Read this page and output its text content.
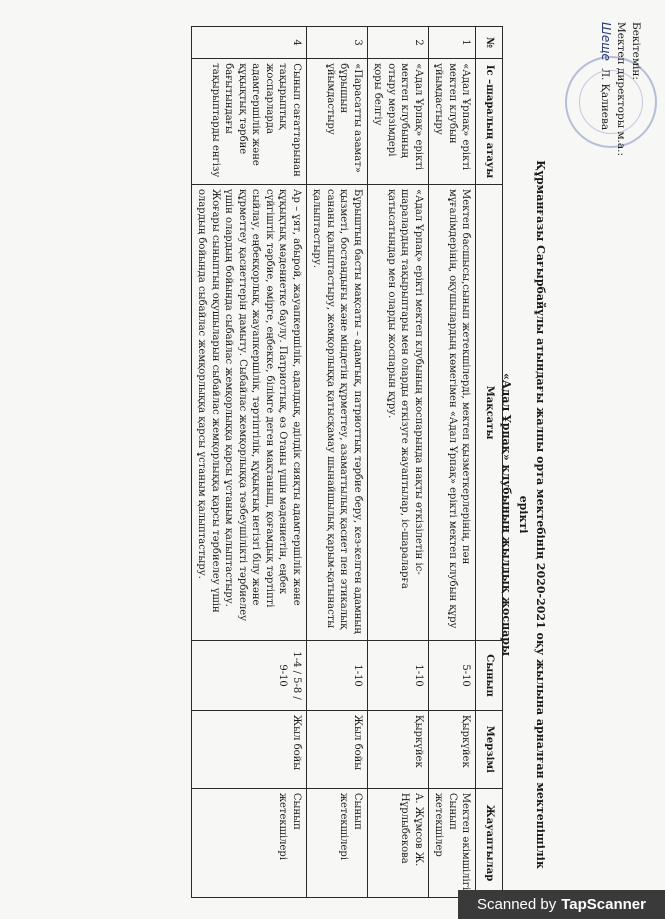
Бекітемін:
Мектеп директоры м.а.:
Шеще Л. Қалиева
Құрманғазы Сағырбайұлы атындағы жалпы орта мектебінің 2020-2021 оқу жылына арналған мектепішілік ерікті
«Адал Ұрпақ» клубының жылдық жоспары
№	Іс –шаралың атауы	Мақсаты	Сынып	Мерзімі	Жауаптылар
1	«Адал Ұрпақ» ерікті мектеп клубын ұйымдастыру	Мектеп басшысы,сынып жетекшілерді, мектеп қызметкерлерінің, пән мұғалімдерінің, оқушылардың көмегімен «Адал Ұрпақ» ерікті мектеп клубын құру	5-10	Қыркүйек	Мектеп әкімшілігі Сынып жетекшілер
2	«Адал Ұрпақ» ерікті мектеп клубының отыру мерзімдері қоры белгіу	«Адал Ұрпақ» ерікті мектеп клубының жоспарында нақты өткізілетін іс-шаралардың тақырыптары мен оларды өткізуге жауаптылар, іс-шараларға қатысатындар мен оларды жоспарын құру.	1-10	Қыркүйек	А. Жұмсов Ж. Нұрлыбекова
3	«Парасатты азамат» бұрышын ұйымдастыру	Бұрыштың басты мақсаты – адамгық, патриоттық тәрбие беру, кез-келген адамның қызметі, бостандығы және міндетін құрметтеу, азаматтылық қасиет пен этикалық сананы қалыптастыру, жемқорлыққа қатысқамау шынайшылық қарым-қатынасты қалыптастыру.	1-10	Жыл бойы	Сынып жетекшілері
4	Сынып сағаттарынан тақырыптық жоспарларда адамгершілік және құқықтық тәрбие бағытындағы тақырыптарды енгізу	Ар – ұят, абырой, жауапкершілік, адалдық, әділдік сияқты адамгершілік және құқықтық мәдениетке баулу. Патриоттық, өз Отаны үшін мәдениетін, еңбек сүйгіштік тәрбие, өмірге, еңбекке, білімге деген мақтаныш, қоғамдық тәртіпті сыйлау, еңбекқорлық, жауапкершілік, тәртіптілік, құқықтық негізгі білу және құрметтеу қасиеттерін дамыту. Сыбайлас жемқорлыққа төзбеушілікті тәрбиелеу үшін олардың бойында сыбайлас жемқорлыққа қарсы ұстаным қалыптастыру. Жоғары сыныптың оқушыларын сыбайлас жемқорлыққа қарсы тәрбиелеу үшін олардың бойында сыбайлас жемқорлыққа қарсы ұстаным қалыптастыру.	1-4 / 5-8 / 9-10	Жыл бойы	Сынып жетекшілері
Scanned by TapScanner
